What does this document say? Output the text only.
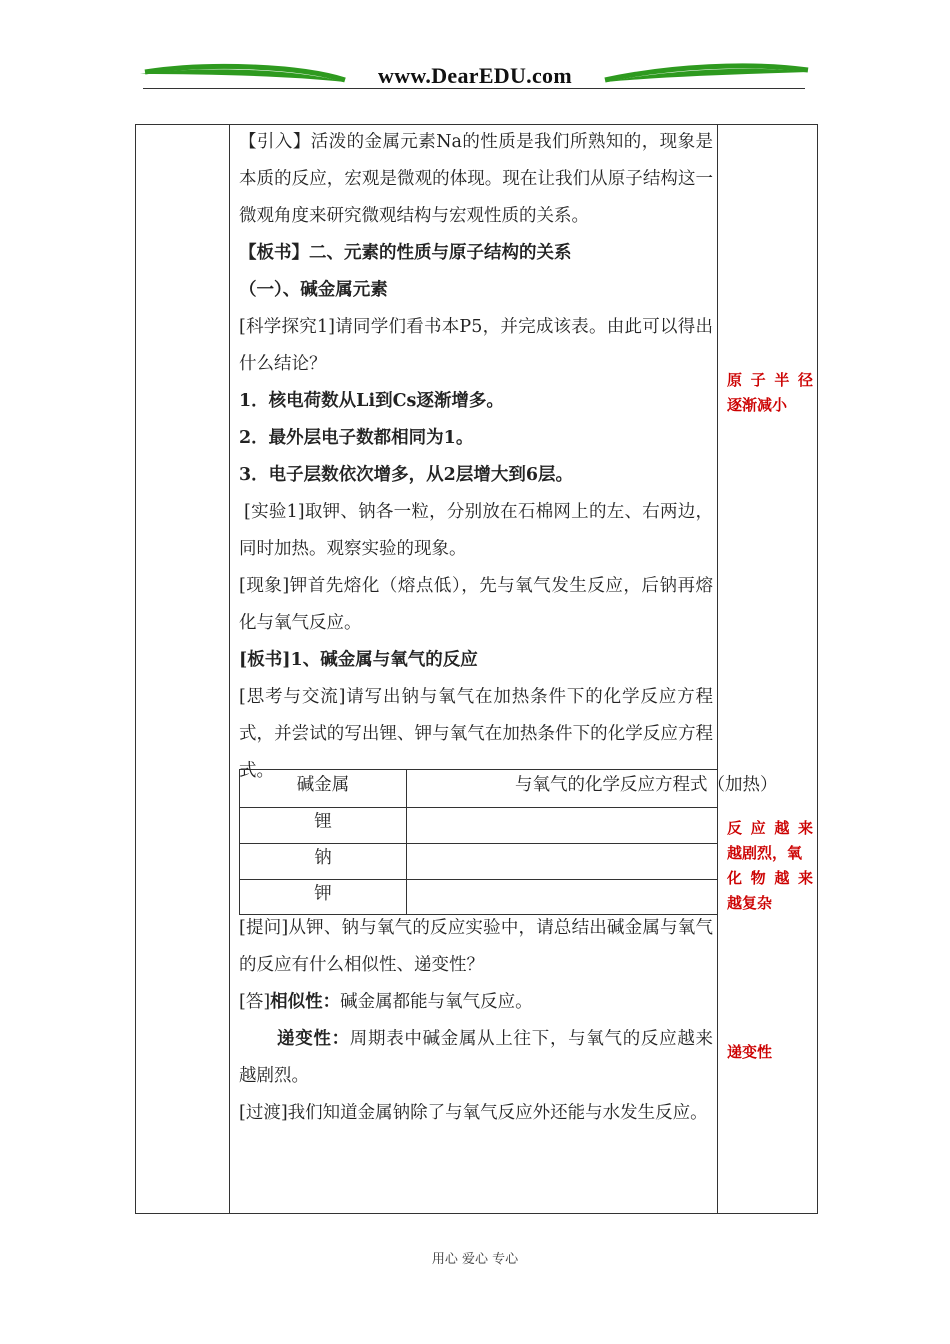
www.DearEDU.com

【引入】活泼的金属元素Na的性质是我们所熟知的，现象是本质的反应，宏观是微观的体现。现在让我们从原子结构这一微观角度来研究微观结构与宏观性质的关系。

【板书】二、元素的性质与原子结构的关系

（一）、碱金属元素

[科学探究1]请同学们看书本P5，并完成该表。由此可以得出什么结论？

1．核电荷数从Li到Cs逐渐增多。

2．最外层电子数都相同为1。

3．电子层数依次增多，从2层增大到6层。

[实验1]取钾、钠各一粒，分别放在石棉网上的左、右两边，同时加热。观察实验的现象。

[现象]钾首先熔化（熔点低），先与氧气发生反应，后钠再熔化与氧气反应。

[板书]1、碱金属与氧气的反应

[思考与交流]请写出钠与氧气在加热条件下的化学反应方程式，并尝试的写出锂、钾与氧气在加热条件下的化学反应方程式。

碱金属	与氧气的化学反应方程式（加热）
锂
钠
钾

[提问]从钾、钠与氧气的反应实验中，请总结出碱金属与氧气的反应有什么相似性、递变性？

[答]相似性：碱金属都能与氧气反应。

递变性：周期表中碱金属从上往下，与氧气的反应越来越剧烈。

[过渡]我们知道金属钠除了与氧气反应外还能与水发生反应。

原子半径
逐渐减小
反应越来
越剧烈，氧
化物越来
越复杂
递变性
用心 爱心 专心
